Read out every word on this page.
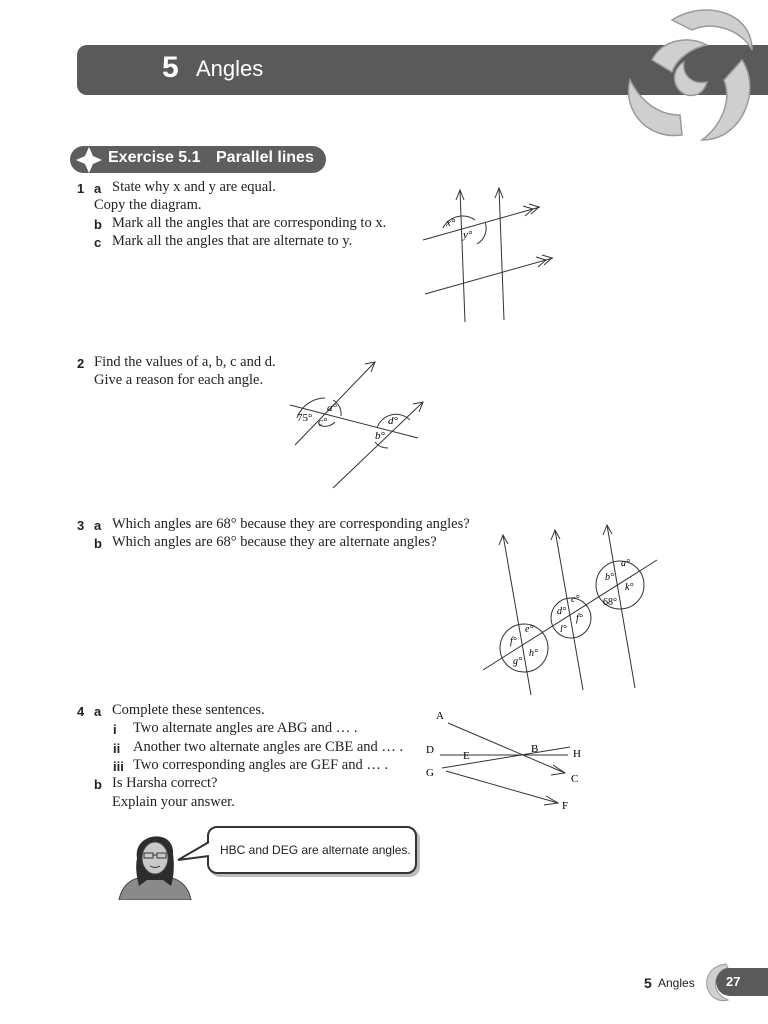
5 Angles
Exercise 5.1 Parallel lines
1 a State why x and y are equal.
Copy the diagram.
b Mark all the angles that are corresponding to x.
c Mark all the angles that are alternate to y.
x°
y°
2 Find the values of a, b, c and d.
Give a reason for each angle.
75°
a°
c°	d°
b°
3 a Which angles are 68° because they are corresponding angles?
b Which angles are 68° because they are alternate angles?
b°
a°
k°
68°
d°
c°
l°
f°
f°
e°
g°
h°
4 a Complete these sentences.
i Two alternate angles are ABG and … .
ii Another two alternate angles are CBE and … .
iii Two corresponding angles are GEF and … .
b Is Harsha correct?
Explain your answer.
A
D	E
B	H
G	C
F
HBC and DEG are alternate angles.
5 Angles 27
